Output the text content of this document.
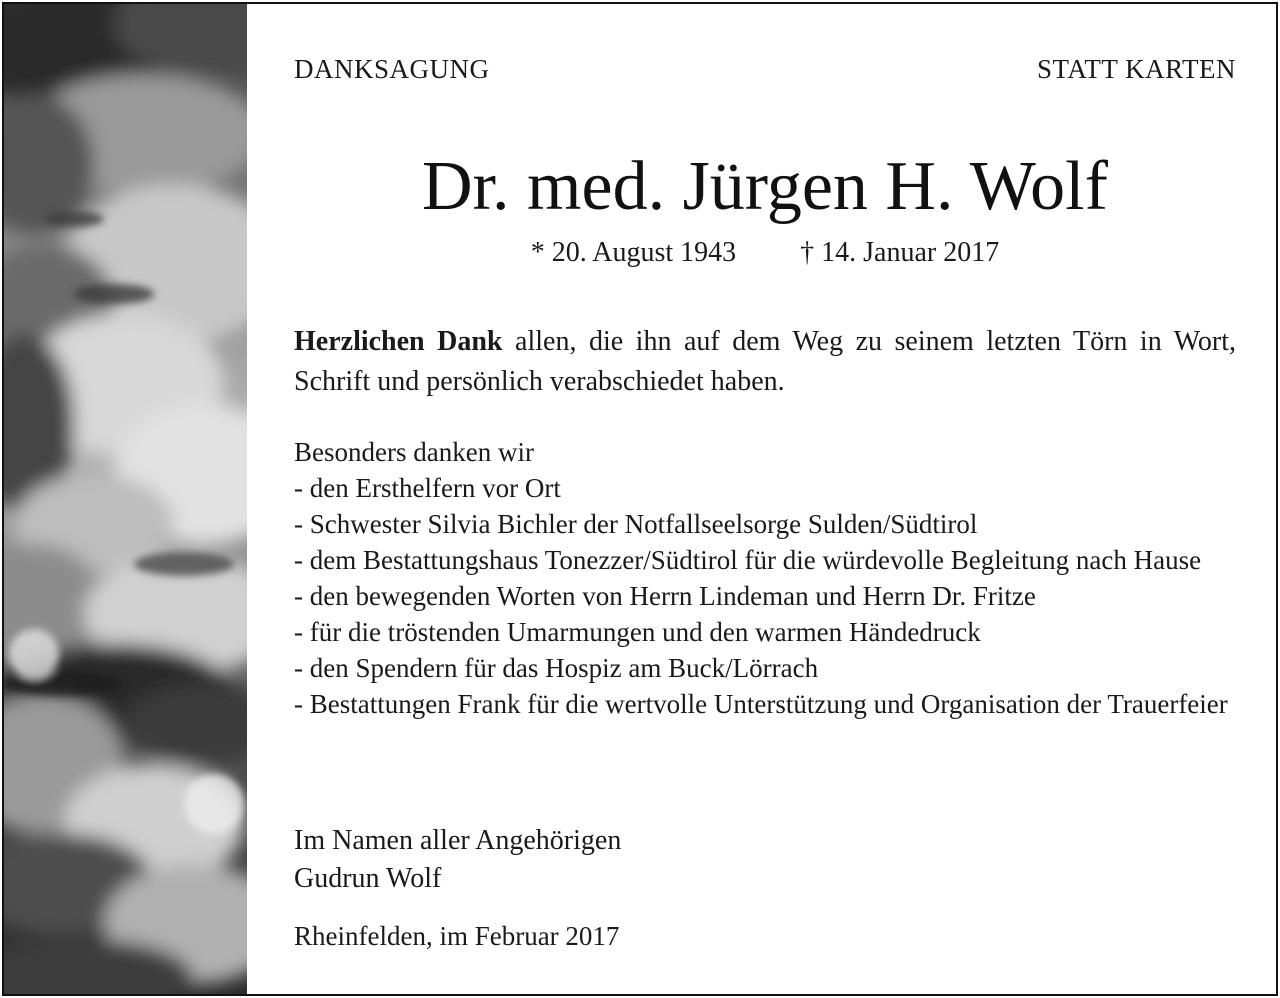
DANKSAGUNG	STATT KARTEN
Dr. med. Jürgen H. Wolf
* 20. August 1943 † 14. Januar 2017
Herzlichen Dank allen, die ihn auf dem Weg zu seinem letzten Törn in Wort, Schrift und persönlich verabschiedet haben.
Besonders danken wir
- den Ersthelfern vor Ort
- Schwester Silvia Bichler der Notfallseelsorge Sulden/Südtirol
- dem Bestattungshaus Tonezzer/Südtirol für die würdevolle Begleitung nach Hause
- den bewegenden Worten von Herrn Lindeman und Herrn Dr. Fritze
- für die tröstenden Umarmungen und den warmen Händedruck
- den Spendern für das Hospiz am Buck/Lörrach
- Bestattungen Frank für die wertvolle Unterstützung und Organisation der Trauerfeier
Im Namen aller Angehörigen
Gudrun Wolf
Rheinfelden, im Februar 2017
